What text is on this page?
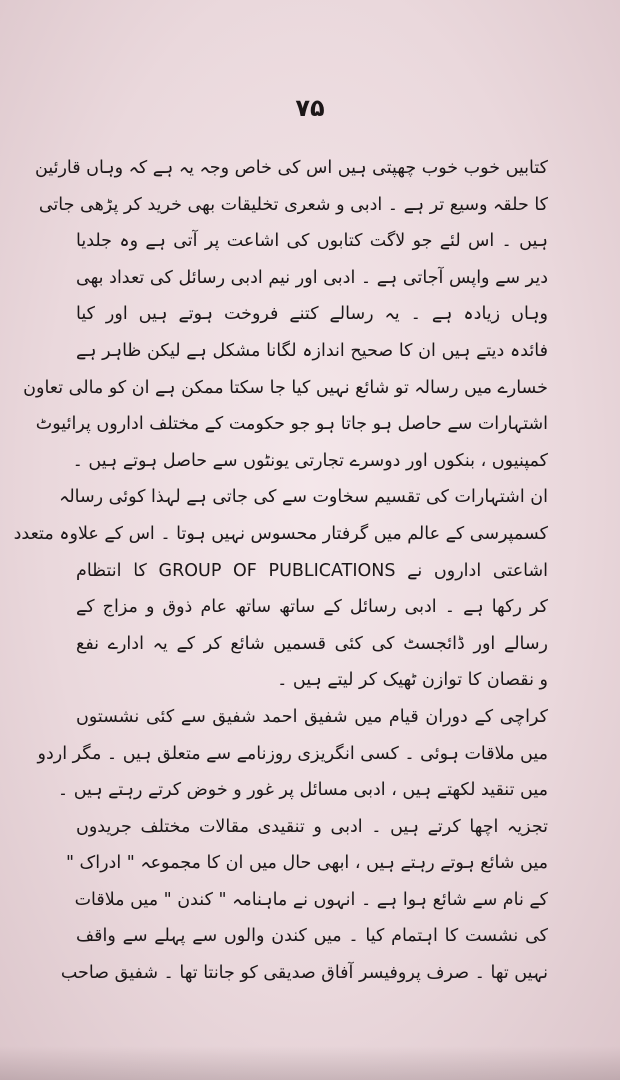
۷۵
کتابیں خوب خوب چھپتی ہیں اس کی خاص وجہ یہ ہے کہ وہاں قارئین
کا حلقہ وسیع تر ہے ۔ ادبی و شعری تخلیقات بھی خرید کر پڑھی جاتی
ہیں ۔ اس لئے جو لاگت کتابوں کی اشاعت پر آتی ہے وہ جلدیا
دیر سے واپس آجاتی ہے ۔ ادبی اور نیم ادبی رسائل کی تعداد بھی
وہاں زیادہ ہے ۔ یہ رسالے کتنے فروخت ہوتے ہیں اور کیا
فائدہ دیتے ہیں ان کا صحیح اندازہ لگانا مشکل ہے لیکن ظاہر ہے
خسارے میں رسالہ تو شائع نہیں کیا جا سکتا ممکن ہے ان کو مالی تعاون
اشتہارات سے حاصل ہو جاتا ہو جو حکومت کے مختلف اداروں پرائیوٹ
کمپنیوں ، بنکوں اور دوسرے تجارتی یونٹوں سے حاصل ہوتے ہیں ۔
ان اشتہارات کی تقسیم سخاوت سے کی جاتی ہے لہذا کوئی رسالہ
کسمپرسی کے عالم میں گرفتار محسوس نہیں ہوتا ۔ اس کے علاوہ متعدد
اشاعتی اداروں نے GROUP OF PUBLICATIONS کا انتظام
کر رکھا ہے ۔ ادبی رسائل کے ساتھ ساتھ عام ذوق و مزاج کے
رسالے اور ڈائجسٹ کی کئی قسمیں شائع کر کے یہ ادارے نفع
و نقصان کا توازن ٹھیک کر لیتے ہیں ۔
کراچی کے دوران قیام میں شفیق احمد شفیق سے کئی نشستوں
میں ملاقات ہوئی ۔ کسی انگریزی روزنامے سے متعلق ہیں ۔ مگر اردو
میں تنقید لکھتے ہیں ، ادبی مسائل پر غور و خوض کرتے رہتے ہیں ۔
تجزیہ اچھا کرتے ہیں ۔ ادبی و تنقیدی مقالات مختلف جریدوں
میں شائع ہوتے رہتے ہیں ، ابھی حال میں ان کا مجموعہ " ادراک "
کے نام سے شائع ہوا ہے ۔ انہوں نے ماہنامہ " کندن " میں ملاقات
کی نشست کا اہتمام کیا ۔ میں کندن والوں سے پہلے سے واقف
نہیں تھا ۔ صرف پروفیسر آفاق صدیقی کو جانتا تھا ۔ شفیق صاحب
